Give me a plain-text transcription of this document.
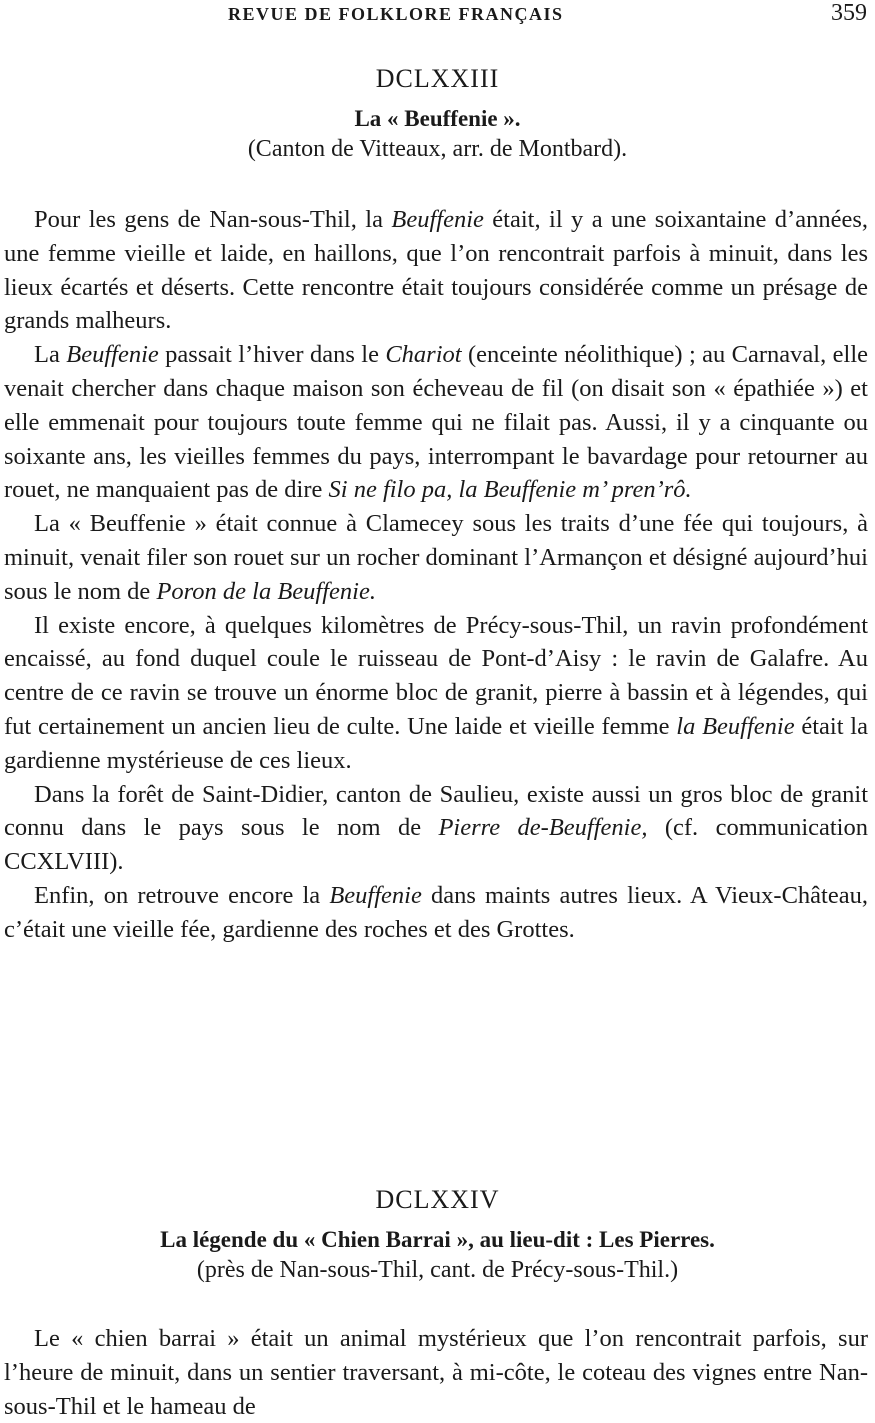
REVUE DE FOLKLORE FRANÇAIS	359
DCLXXIII
La « Beuffenie ».
(Canton de Vitteaux, arr. de Montbard).

Pour les gens de Nan-sous-Thil, la Beuffenie était, il y a une soixantaine d’années, une femme vieille et laide, en haillons, que l’on rencontrait parfois à minuit, dans les lieux écartés et déserts. Cette rencontre était toujours considérée comme un présage de grands malheurs.

La Beuffenie passait l’hiver dans le Chariot (enceinte néolithique) ; au Carnaval, elle venait chercher dans chaque maison son écheveau de fil (on disait son « épathiée ») et elle emmenait pour toujours toute femme qui ne filait pas. Aussi, il y a cinquante ou soixante ans, les vieilles femmes du pays, interrompant le bavardage pour retourner au rouet, ne manquaient pas de dire Si ne filo pa, la Beuffenie m’ pren’rô.

La « Beuffenie » était connue à Clamecey sous les traits d’une fée qui toujours, à minuit, venait filer son rouet sur un rocher dominant l’Armançon et désigné aujourd’hui sous le nom de Poron de la Beuffenie.

Il existe encore, à quelques kilomètres de Précy-sous-Thil, un ravin profondément encaissé, au fond duquel coule le ruisseau de Pont-d’Aisy : le ravin de Galafre. Au centre de ce ravin se trouve un énorme bloc de granit, pierre à bassin et à légendes, qui fut certainement un ancien lieu de culte. Une laide et vieille femme la Beuffenie était la gardienne mystérieuse de ces lieux.

Dans la forêt de Saint-Didier, canton de Saulieu, existe aussi un gros bloc de granit connu dans le pays sous le nom de Pierre de-Beuffenie, (cf. communication CCXLVIII).

Enfin, on retrouve encore la Beuffenie dans maints autres lieux. A Vieux-Château, c’était une vieille fée, gardienne des roches et des Grottes.

DCLXXIV
La légende du « Chien Barrai », au lieu-dit : Les Pierres.
(près de Nan-sous-Thil, cant. de Précy-sous-Thil.)

Le « chien barrai » était un animal mystérieux que l’on rencontrait parfois, sur l’heure de minuit, dans un sentier traversant, à mi-côte, le coteau des vignes entre Nan-sous-Thil et le hameau de
